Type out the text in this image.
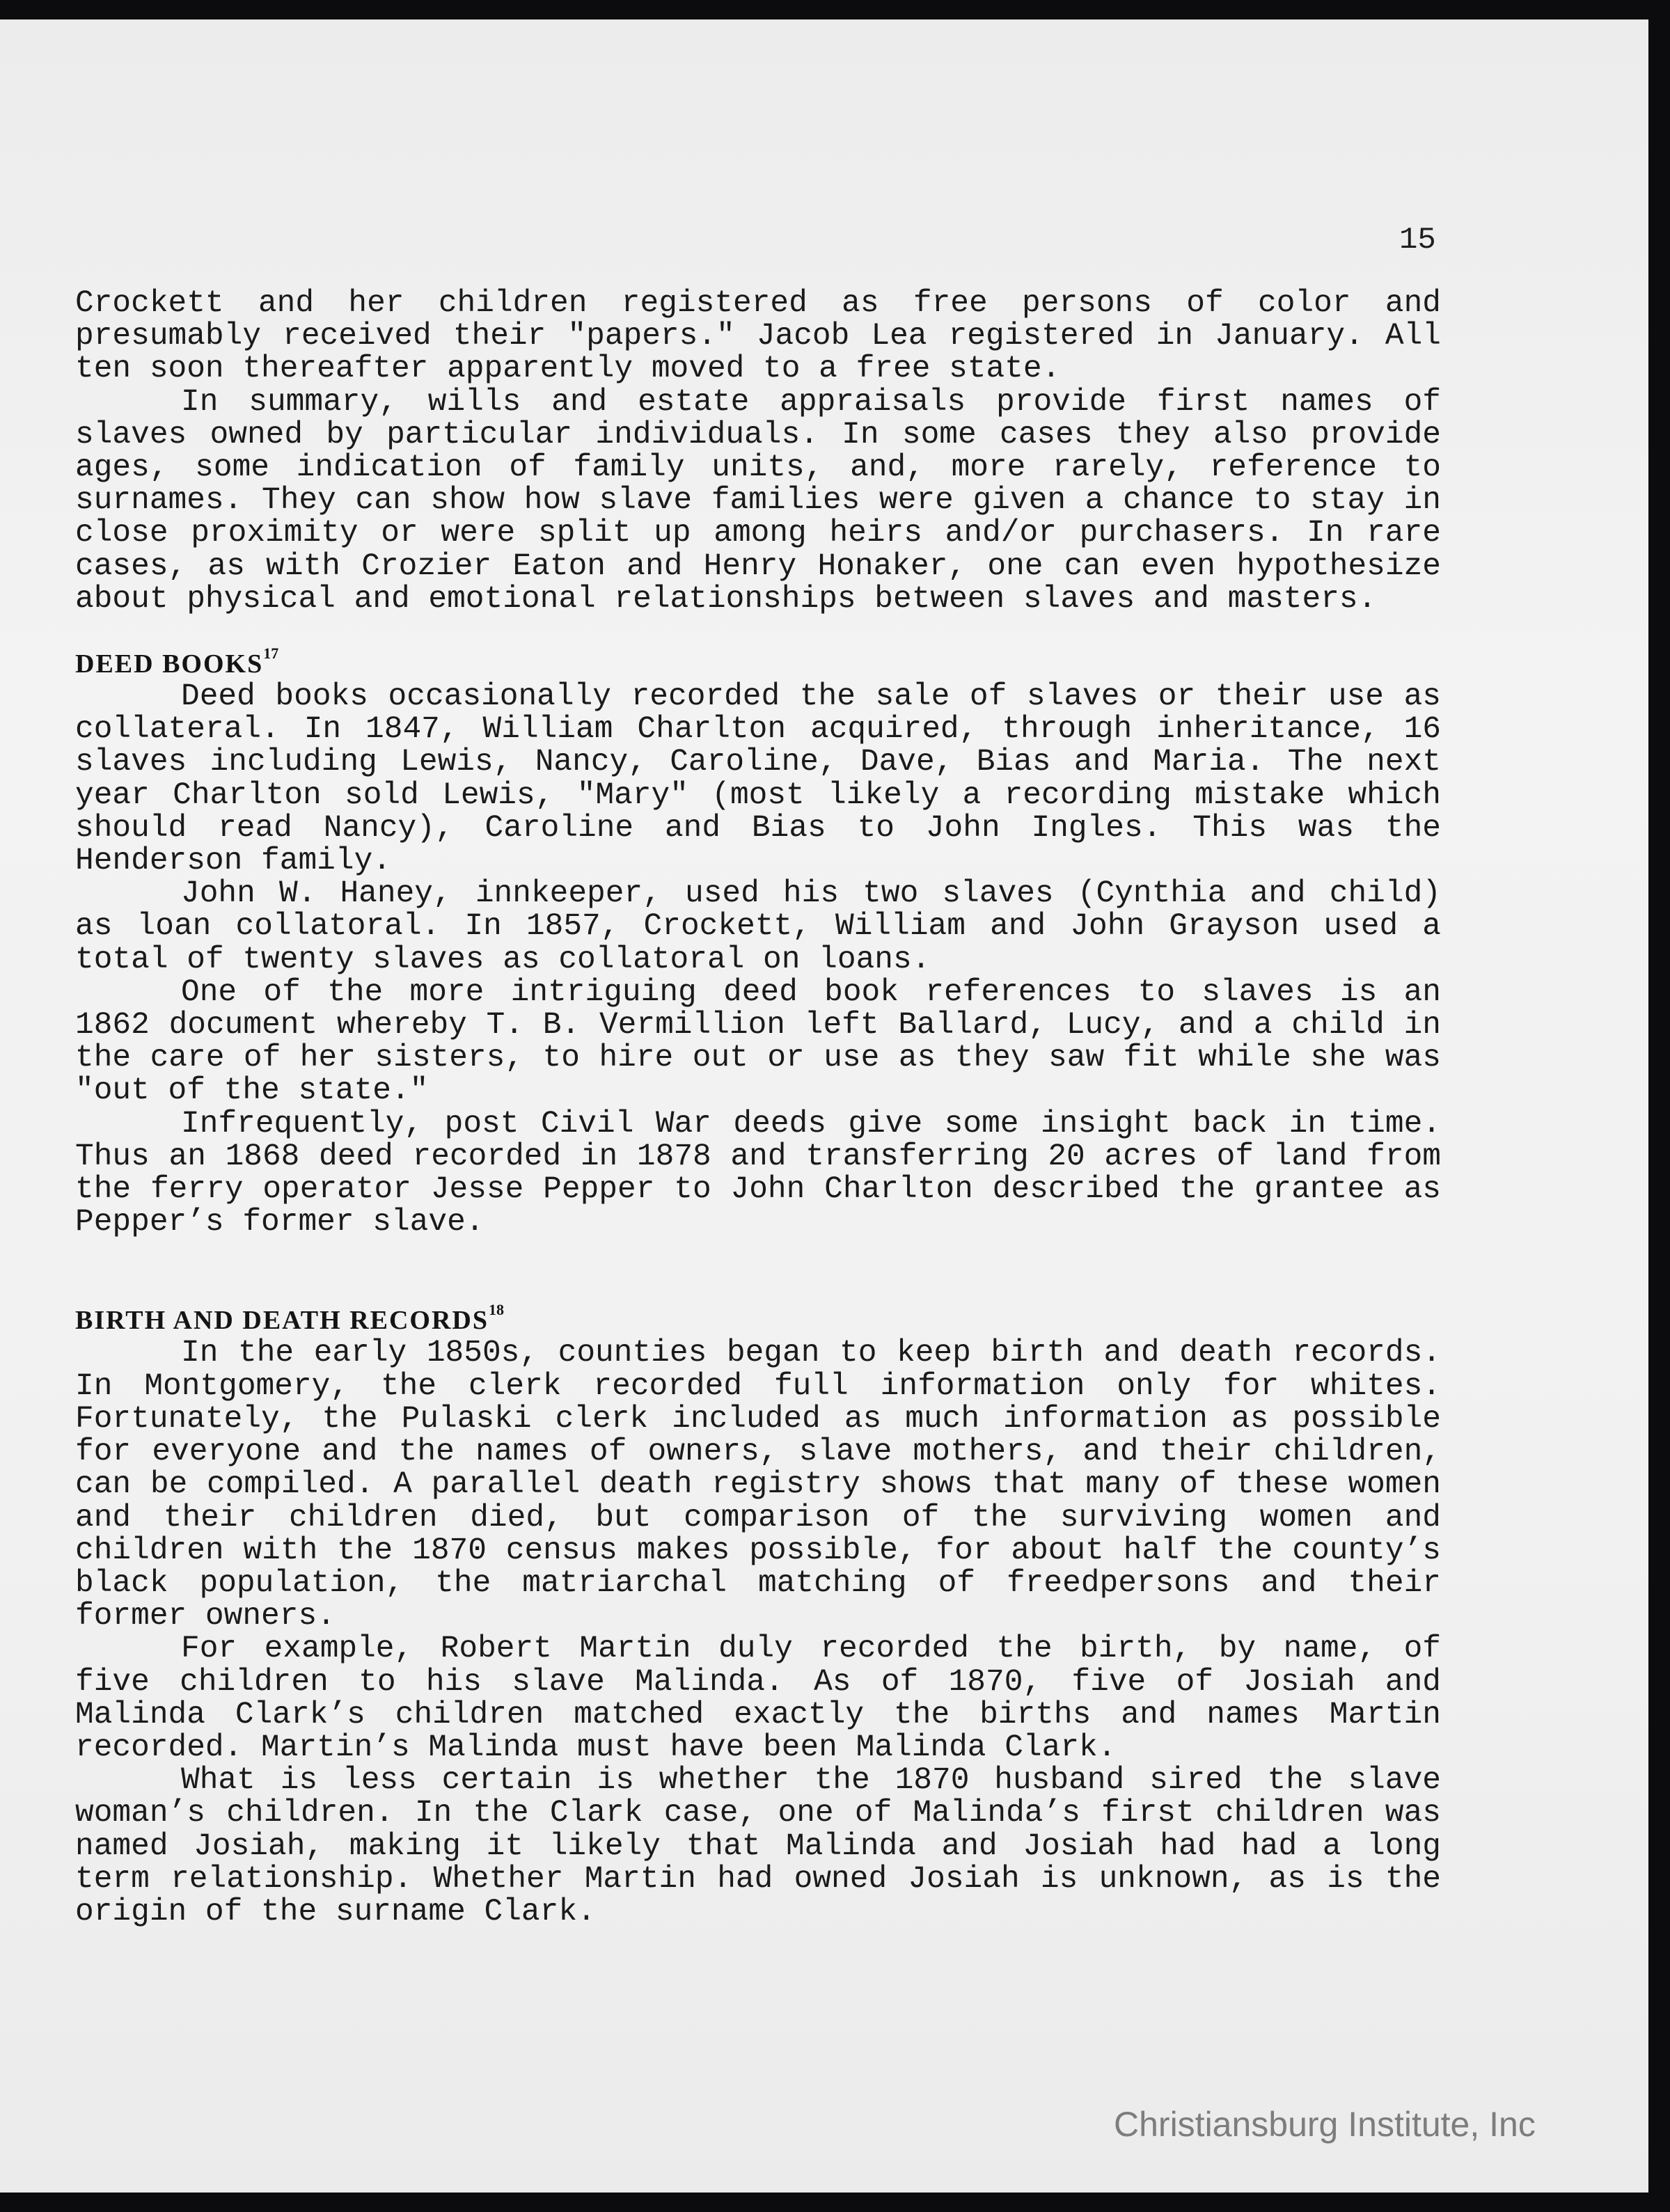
15

Crockett and her children registered as free persons of color and presumably received their "papers." Jacob Lea registered in January. All ten soon thereafter apparently moved to a free state.

In summary, wills and estate appraisals provide first names of slaves owned by particular individuals. In some cases they also provide ages, some indication of family units, and, more rarely, reference to surnames. They can show how slave families were given a chance to stay in close proximity or were split up among heirs and/or purchasers. In rare cases, as with Crozier Eaton and Henry Honaker, one can even hypothesize about physical and emotional relationships between slaves and masters.

DEED BOOKS$^{17}$

Deed books occasionally recorded the sale of slaves or their use as collateral. In 1847, William Charlton acquired, through inheritance, 16 slaves including Lewis, Nancy, Caroline, Dave, Bias and Maria. The next year Charlton sold Lewis, "Mary" (most likely a recording mistake which should read Nancy), Caroline and Bias to John Ingles. This was the Henderson family.

John W. Haney, innkeeper, used his two slaves (Cynthia and child) as loan collatoral. In 1857, Crockett, William and John Grayson used a total of twenty slaves as collatoral on loans.

One of the more intriguing deed book references to slaves is an 1862 document whereby T. B. Vermillion left Ballard, Lucy, and a child in the care of her sisters, to hire out or use as they saw fit while she was "out of the state."

Infrequently, post Civil War deeds give some insight back in time. Thus an 1868 deed recorded in 1878 and transferring 20 acres of land from the ferry operator Jesse Pepper to John Charlton described the grantee as Pepper’s former slave.

BIRTH AND DEATH RECORDS$^{18}$

In the early 1850s, counties began to keep birth and death records. In Montgomery, the clerk recorded full information only for whites. Fortunately, the Pulaski clerk included as much information as possible for everyone and the names of owners, slave mothers, and their children, can be compiled. A parallel death registry shows that many of these women and their children died, but comparison of the surviving women and children with the 1870 census makes possible, for about half the county’s black population, the matriarchal matching of freedpersons and their former owners.

For example, Robert Martin duly recorded the birth, by name, of five children to his slave Malinda. As of 1870, five of Josiah and Malinda Clark’s children matched exactly the births and names Martin recorded. Martin’s Malinda must have been Malinda Clark.

What is less certain is whether the 1870 husband sired the slave woman’s children. In the Clark case, one of Malinda’s first children was named Josiah, making it likely that Malinda and Josiah had had a long term relationship. Whether Martin had owned Josiah is unknown, as is the origin of the surname Clark.

Christiansburg Institute, Inc
